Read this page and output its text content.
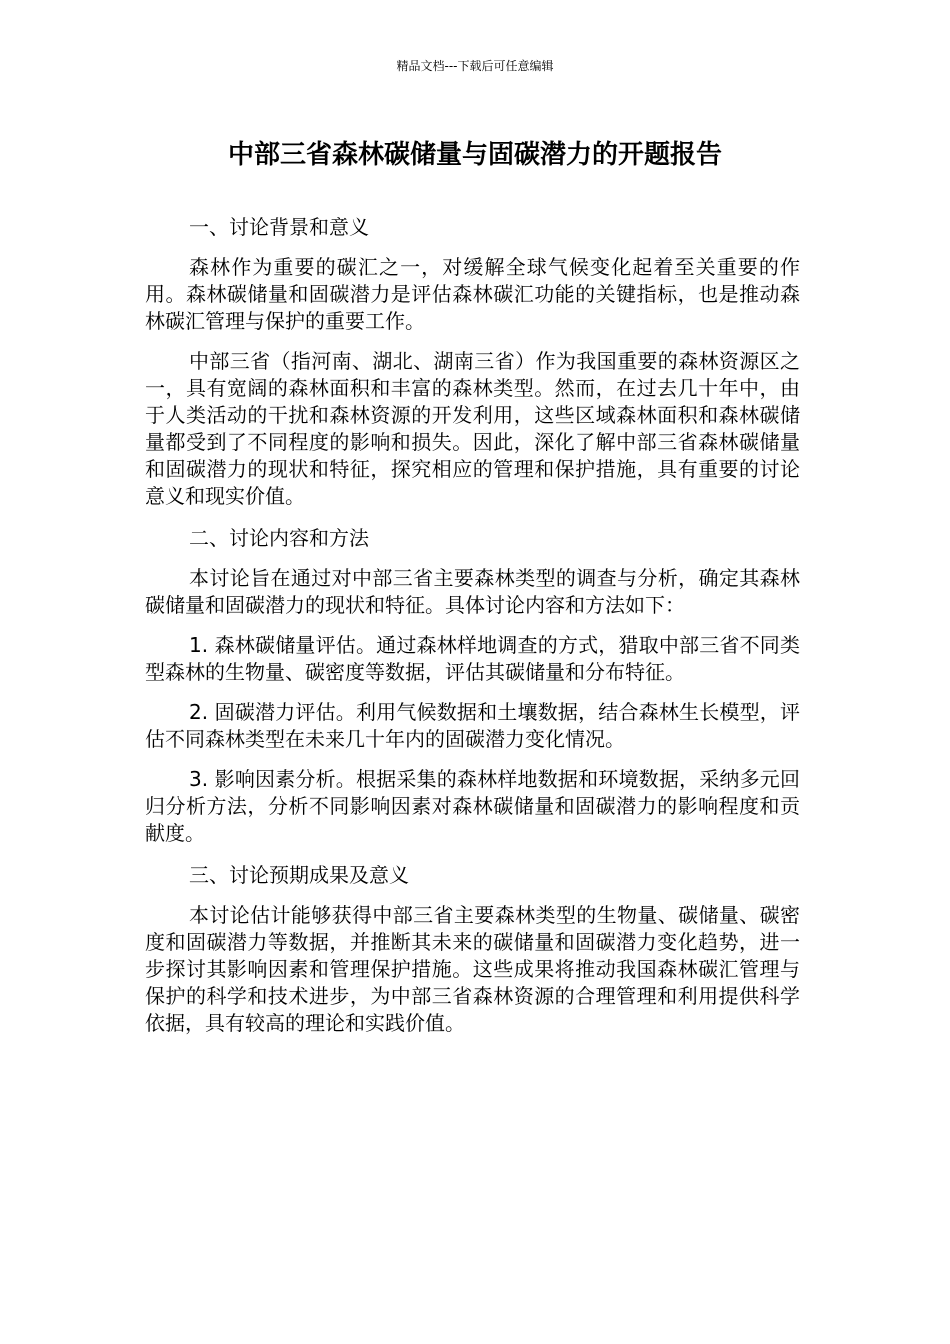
精品文档---下载后可任意编辑
中部三省森林碳储量与固碳潜力的开题报告

一、讨论背景和意义

森林作为重要的碳汇之一，对缓解全球气候变化起着至关重要的作用。森林碳储量和固碳潜力是评估森林碳汇功能的关键指标，也是推动森林碳汇管理与保护的重要工作。

中部三省（指河南、湖北、湖南三省）作为我国重要的森林资源区之一，具有宽阔的森林面积和丰富的森林类型。然而，在过去几十年中，由于人类活动的干扰和森林资源的开发利用，这些区域森林面积和森林碳储量都受到了不同程度的影响和损失。因此，深化了解中部三省森林碳储量和固碳潜力的现状和特征，探究相应的管理和保护措施，具有重要的讨论意义和现实价值。

二、讨论内容和方法

本讨论旨在通过对中部三省主要森林类型的调查与分析，确定其森林碳储量和固碳潜力的现状和特征。具体讨论内容和方法如下：

1. 森林碳储量评估。通过森林样地调查的方式，猎取中部三省不同类型森林的生物量、碳密度等数据，评估其碳储量和分布特征。

2. 固碳潜力评估。利用气候数据和土壤数据，结合森林生长模型，评估不同森林类型在未来几十年内的固碳潜力变化情况。

3. 影响因素分析。根据采集的森林样地数据和环境数据，采纳多元回归分析方法，分析不同影响因素对森林碳储量和固碳潜力的影响程度和贡献度。

三、讨论预期成果及意义

本讨论估计能够获得中部三省主要森林类型的生物量、碳储量、碳密度和固碳潜力等数据，并推断其未来的碳储量和固碳潜力变化趋势，进一步探讨其影响因素和管理保护措施。这些成果将推动我国森林碳汇管理与保护的科学和技术进步，为中部三省森林资源的合理管理和利用提供科学依据，具有较高的理论和实践价值。
